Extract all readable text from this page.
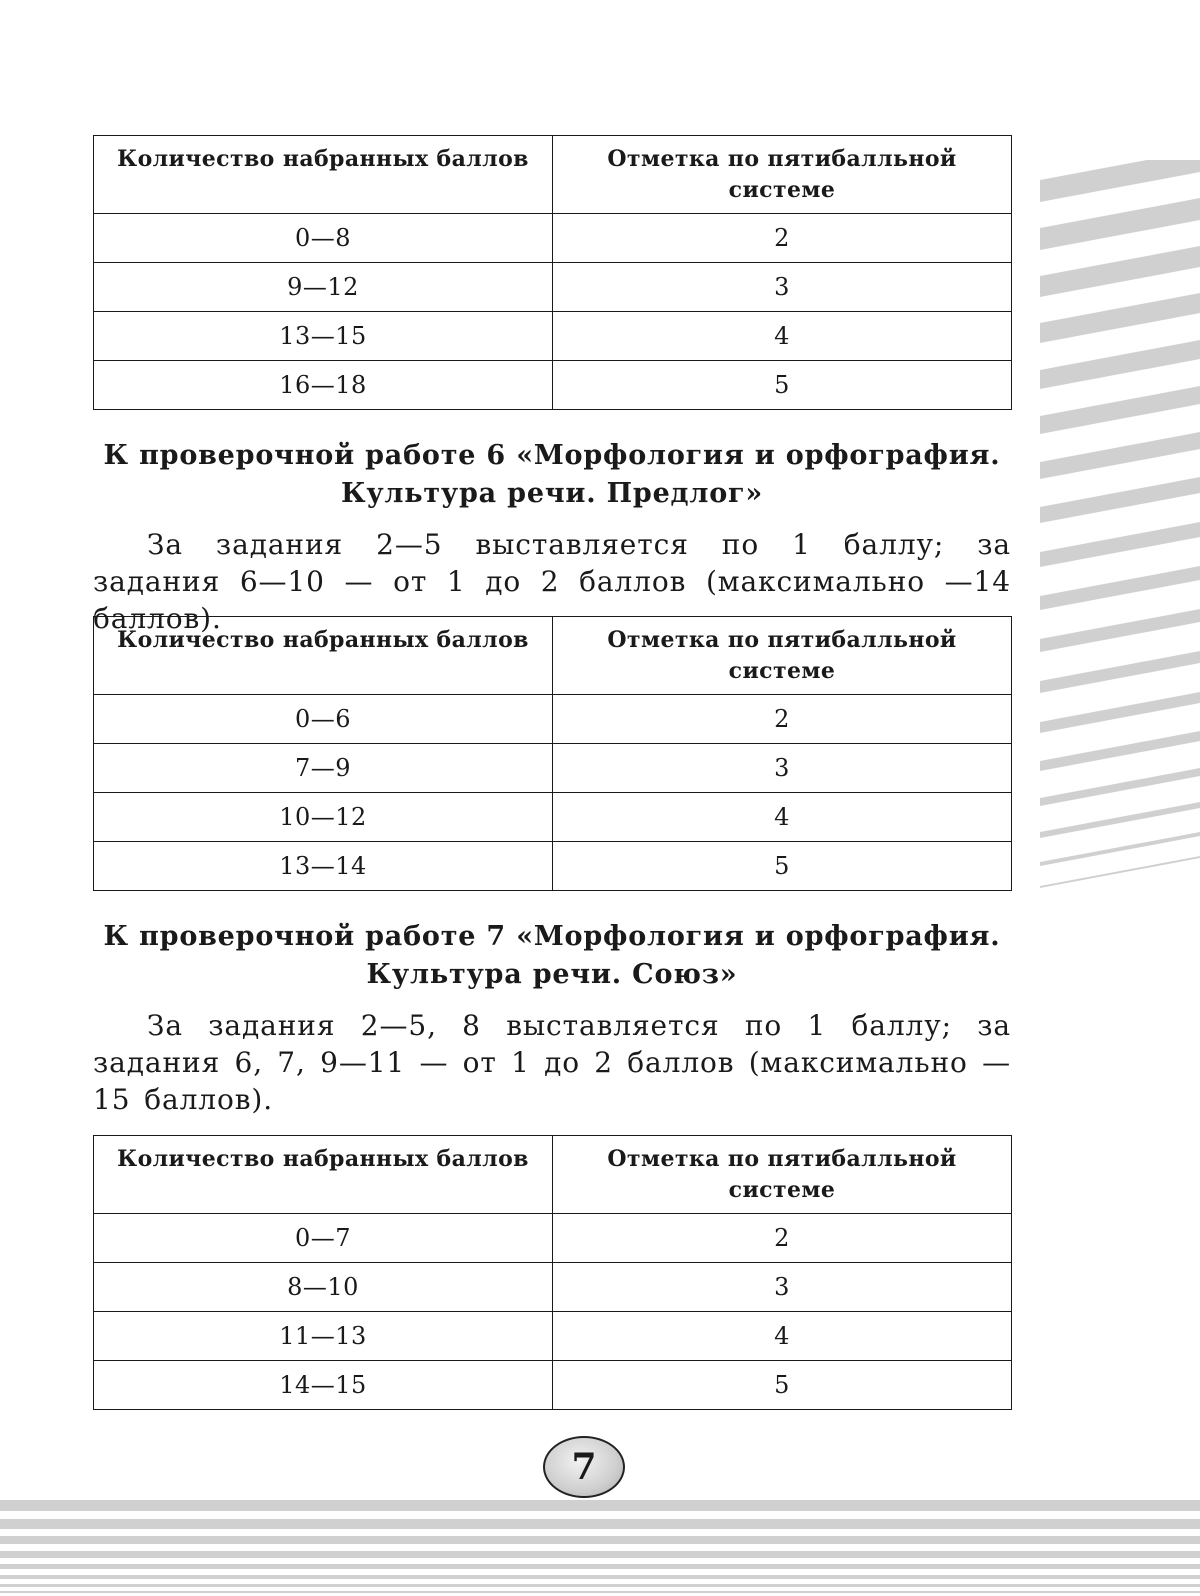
Количество набранных баллов	Отметка по пятибалльной системе
0—8	2
9—12	3
13—15	4
16—18	5
К проверочной работе 6 «Морфология и орфография.
Культура речи. Предлог»
За задания 2—5 выставляется по 1 баллу; за задания 6—10 — от 1 до 2 баллов (максимально —14 баллов).
Количество набранных баллов	Отметка по пятибалльной системе
0—6	2
7—9	3
10—12	4
13—14	5
К проверочной работе 7 «Морфология и орфография.
Культура речи. Союз»
За задания 2—5, 8 выставляется по 1 баллу; за задания 6, 7, 9—11 — от 1 до 2 баллов (максимально — 15 баллов).
Количество набранных баллов	Отметка по пятибалльной системе
0—7	2
8—10	3
11—13	4
14—15	5
7
